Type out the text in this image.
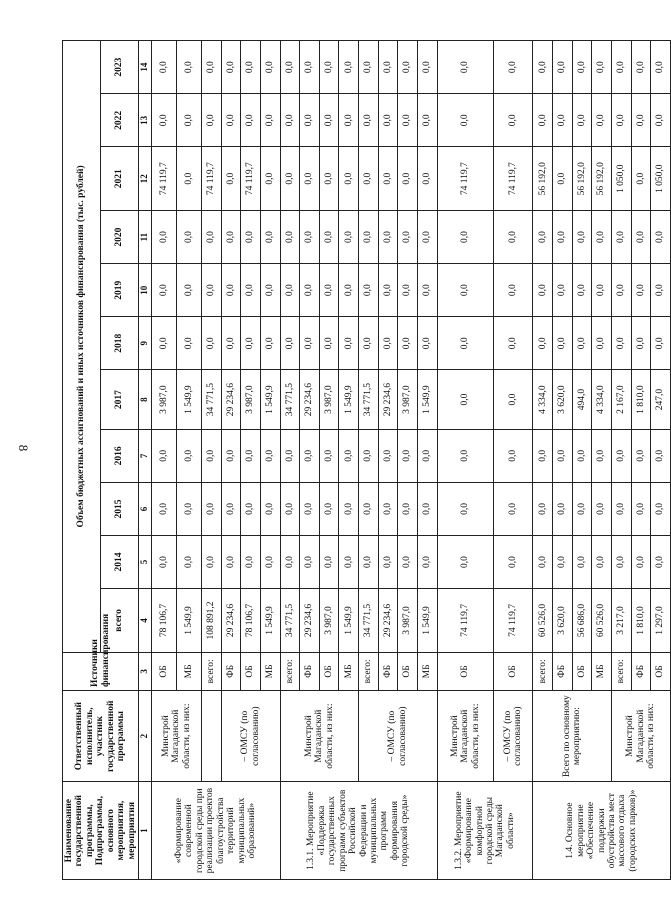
8
Наименование государственной программы, Подпрограммы, основного мероприятия, мероприятия	Ответственный исполнитель, участник государственной программы	Источники финансирования	Объем бюджетных ассигнований и иных источников финансирования (тыс. рублей)										
			всего	2014	2015	2016	2017	2018	2019	2020	2021	2022	2023
1	2	3	4	5	6	7	8	9	10	11	12	13	14
«Формирование современной городской среды при реализации проектов благоустройства территорий муниципальных образований»	Минстрой Магаданской области, из них:	ОБ	78 106,7	0,0	0,0	0,0	3 987,0	0,0	0,0	0,0	74 119,7	0,0	0,0
		МБ	1 549,9	0,0	0,0	0,0	1 549,9	0,0	0,0	0,0	0,0	0,0	0,0
		всего:	108 891,2	0,0	0,0	0,0	34 771,5	0,0	0,0	0,0	74 119,7	0,0	0,0
	– ОМСУ (по согласованию)	ФБ	29 234,6	0,0	0,0	0,0	29 234,6	0,0	0,0	0,0	0,0	0,0	0,0
		ОБ	78 106,7	0,0	0,0	0,0	3 987,0	0,0	0,0	0,0	74 119,7	0,0	0,0
		МБ	1 549,9	0,0	0,0	0,0	1 549,9	0,0	0,0	0,0	0,0	0,0	0,0
1.3.1. Мероприятие «Поддержка государственных программ субъектов Российской Федерации и муниципальных программ формирования городской среды»	Минстрой Магаданской области, из них:	всего:	34 771,5	0,0	0,0	0,0	34 771,5	0,0	0,0	0,0	0,0	0,0	0,0
		ФБ	29 234,6	0,0	0,0	0,0	29 234,6	0,0	0,0	0,0	0,0	0,0	0,0
		ОБ	3 987,0	0,0	0,0	0,0	3 987,0	0,0	0,0	0,0	0,0	0,0	0,0
		МБ	1 549,9	0,0	0,0	0,0	1 549,9	0,0	0,0	0,0	0,0	0,0	0,0
	– ОМСУ (по согласованию)	всего:	34 771,5	0,0	0,0	0,0	34 771,5	0,0	0,0	0,0	0,0	0,0	0,0
		ФБ	29 234,6	0,0	0,0	0,0	29 234,6	0,0	0,0	0,0	0,0	0,0	0,0
		ОБ	3 987,0	0,0	0,0	0,0	3 987,0	0,0	0,0	0,0	0,0	0,0	0,0
		МБ	1 549,9	0,0	0,0	0,0	1 549,9	0,0	0,0	0,0	0,0	0,0	0,0
1.3.2. Мероприятие «Формирование комфортной городской среды Магаданской области»	Минстрой Магаданской области, из них:	ОБ	74 119,7	0,0	0,0	0,0	0,0	0,0	0,0	0,0	74 119,7	0,0	0,0
	– ОМСУ (по согласованию)	ОБ	74 119,7	0,0	0,0	0,0	0,0	0,0	0,0	0,0	74 119,7	0,0	0,0
1.4. Основное мероприятие «Обеспечение поддержки обустройства мест массового отдыха (городских парков)»	Всего по основному мероприятию:	всего:	60 526,0	0,0	0,0	0,0	4 334,0	0,0	0,0	0,0	56 192,0	0,0	0,0
		ФБ	3 620,0	0,0	0,0	0,0	3 620,0	0,0	0,0	0,0	0,0	0,0	0,0
		ОБ	56 686,0	0,0	0,0	0,0	494,0	0,0	0,0	0,0	56 192,0	0,0	0,0
		МБ	60 526,0	0,0	0,0	0,0	4 334,0	0,0	0,0	0,0	56 192,0	0,0	0,0
	Минстрой Магаданской области, из них:	всего:	3 217,0	0,0	0,0	0,0	2 167,0	0,0	0,0	0,0	1 050,0	0,0	0,0
		ФБ	1 810,0	0,0	0,0	0,0	1 810,0	0,0	0,0	0,0	0,0	0,0	0,0
		ОБ	1 297,0	0,0	0,0	0,0	247,0	0,0	0,0	0,0	1 050,0	0,0	0,0
